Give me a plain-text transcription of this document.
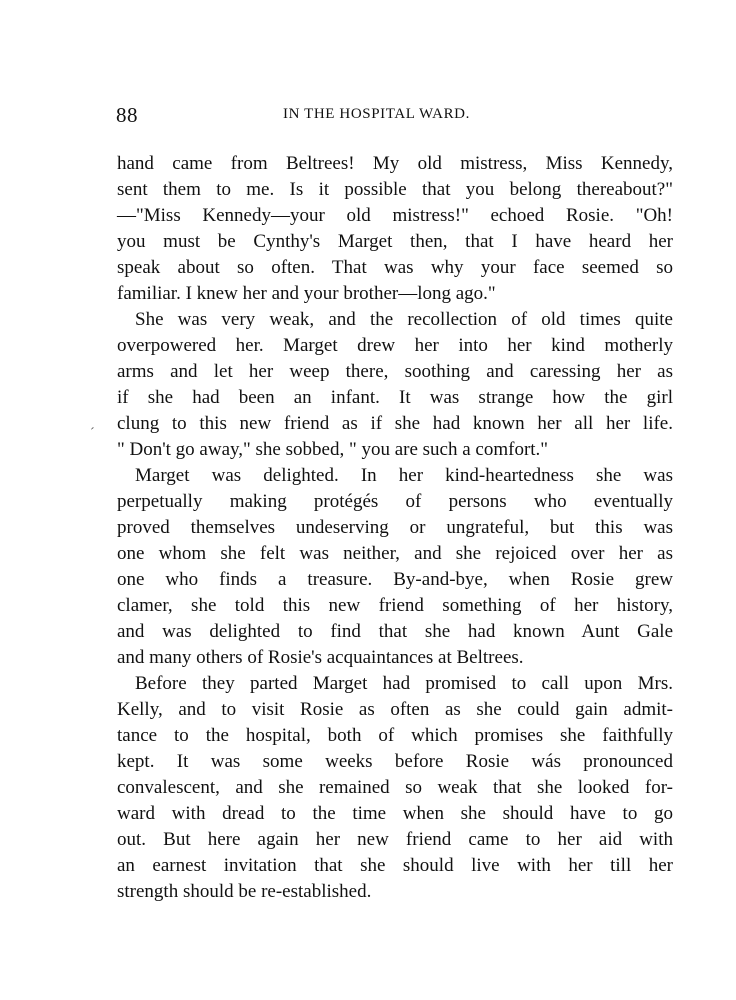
88	IN THE HOSPITAL WARD.
´
hand came from Beltrees! My old mistress, Miss Kennedy,
sent them to me. Is it possible that you belong thereabout?"
—"Miss Kennedy—your old mistress!" echoed Rosie. "Oh!
you must be Cynthy's Marget then, that I have heard her
speak about so often. That was why your face seemed so
familiar. I knew her and your brother—long ago."
She was very weak, and the recollection of old times quite
overpowered her. Marget drew her into her kind motherly
arms and let her weep there, soothing and caressing her as
if she had been an infant. It was strange how the girl
clung to this new friend as if she had known her all her life.
" Don't go away," she sobbed, " you are such a comfort."
Marget was delighted. In her kind-heartedness she was
perpetually making protégés of persons who eventually
proved themselves undeserving or ungrateful, but this was
one whom she felt was neither, and she rejoiced over her as
one who finds a treasure. By-and-bye, when Rosie grew
clamer, she told this new friend something of her history,
and was delighted to find that she had known Aunt Gale
and many others of Rosie's acquaintances at Beltrees.
Before they parted Marget had promised to call upon Mrs.
Kelly, and to visit Rosie as often as she could gain admit-
tance to the hospital, both of which promises she faithfully
kept. It was some weeks before Rosie wás pronounced
convalescent, and she remained so weak that she looked for-
ward with dread to the time when she should have to go
out. But here again her new friend came to her aid with
an earnest invitation that she should live with her till her
strength should be re-established.
